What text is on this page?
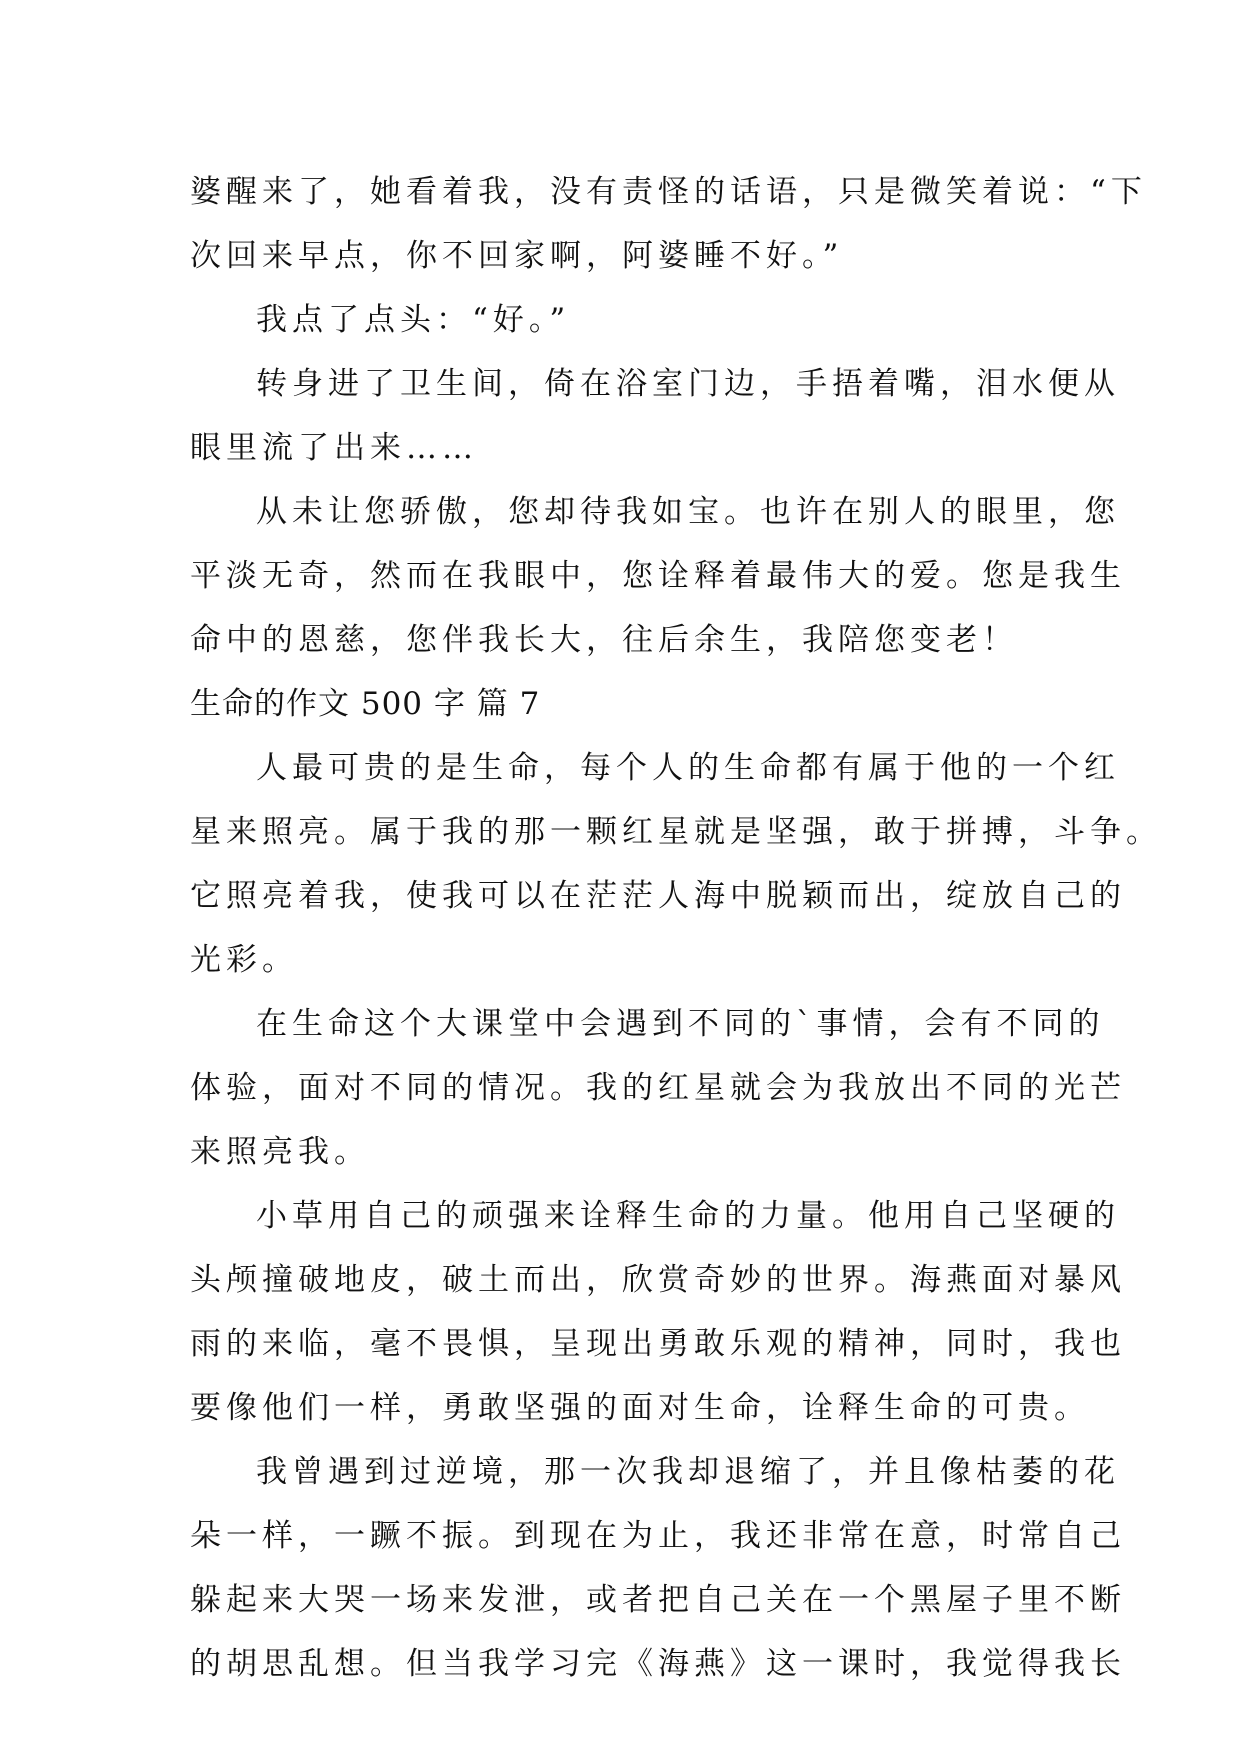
婆醒来了，她看着我，没有责怪的话语，只是微笑着说：“下
次回来早点，你不回家啊，阿婆睡不好。”
我点了点头：“好。”
转身进了卫生间，倚在浴室门边，手捂着嘴，泪水便从
眼里流了出来……
从未让您骄傲，您却待我如宝。也许在别人的眼里，您
平淡无奇，然而在我眼中，您诠释着最伟大的爱。您是我生
命中的恩慈，您伴我长大，往后余生，我陪您变老！
生命的作文 500 字 篇 7
人最可贵的是生命，每个人的生命都有属于他的一个红
星来照亮。属于我的那一颗红星就是坚强，敢于拼搏，斗争。
它照亮着我，使我可以在茫茫人海中脱颖而出，绽放自己的
光彩。
在生命这个大课堂中会遇到不同的`事情，会有不同的
体验，面对不同的情况。我的红星就会为我放出不同的光芒
来照亮我。
小草用自己的顽强来诠释生命的力量。他用自己坚硬的
头颅撞破地皮，破土而出，欣赏奇妙的世界。海燕面对暴风
雨的来临，毫不畏惧，呈现出勇敢乐观的精神，同时，我也
要像他们一样，勇敢坚强的面对生命，诠释生命的可贵。
我曾遇到过逆境，那一次我却退缩了，并且像枯萎的花
朵一样，一蹶不振。到现在为止，我还非常在意，时常自己
躲起来大哭一场来发泄，或者把自己关在一个黑屋子里不断
的胡思乱想。但当我学习完《海燕》这一课时，我觉得我长
